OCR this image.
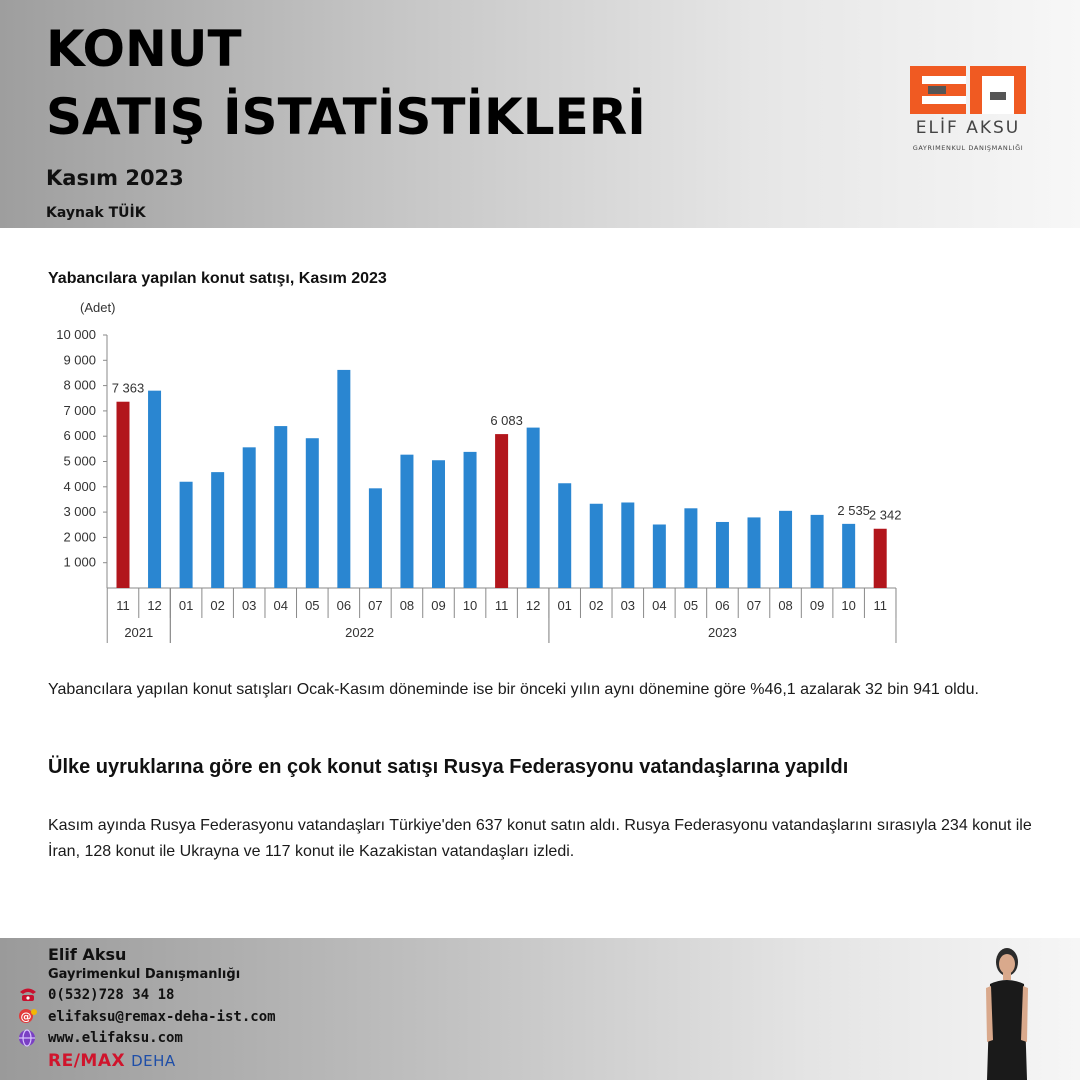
KONUT
SATIŞ İSTATİSTİKLERİ
Kasım 2023
Kaynak TÜİK
ELİF AKSU
GAYRIMENKUL DANIŞMANLIĞI
Yabancılara yapılan konut satışı, Kasım 2023
(Adet)
10 000
9 000
8 000
7 000
6 000
5 000
4 000
3 000
2 000
1 000
11
7 363
12 01 02 03 04 05 06 07 08 09 10 11
6 083
12 01 02 03 04 05 06 07 08 09 10
2 535
11
2 342
2021	2022	2023
Yabancılara yapılan konut satışları Ocak-Kasım döneminde ise bir önceki yılın aynı dönemine göre %46,1 azalarak 32 bin 941 oldu.
Ülke uyruklarına göre en çok konut satışı Rusya Federasyonu vatandaşlarına yapıldı
Kasım ayında Rusya Federasyonu vatandaşları Türkiye'den 637 konut satın aldı. Rusya Federasyonu vatandaşlarını sırasıyla 234 konut ile İran, 128 konut ile Ukrayna ve 117 konut ile Kazakistan vatandaşları izledi.
Elif Aksu
Gayrimenkul Danışmanlığı
0(532)728 34 18
@ elifaksu@remax-deha-ist.com
www.elifaksu.com
RE/MAX DEHA
